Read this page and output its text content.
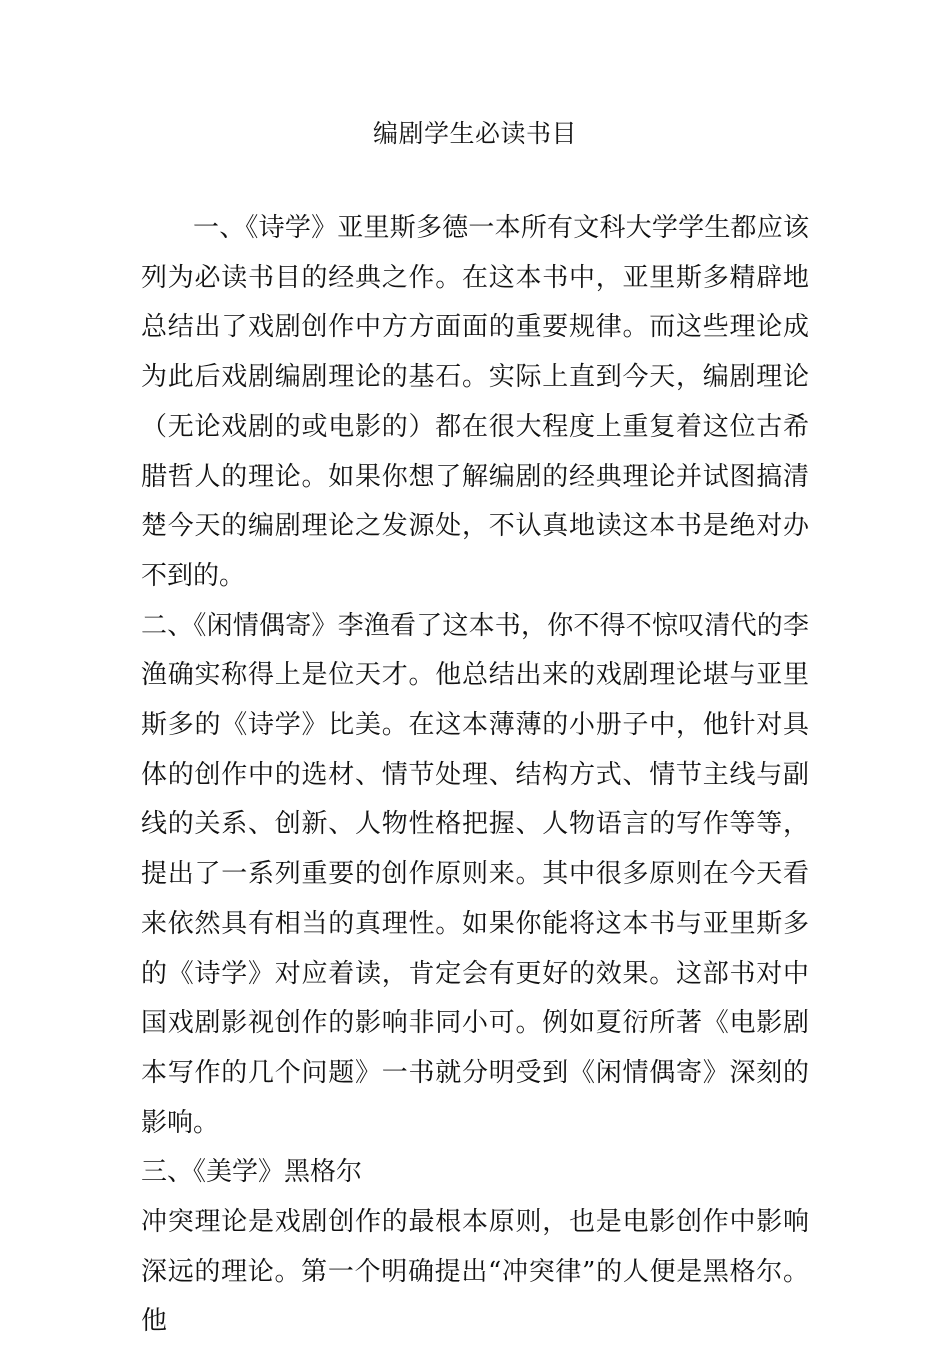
编剧学生必读书目

一、《诗学》亚里斯多德一本所有文科大学学生都应该列为必读书目的经典之作。在这本书中，亚里斯多精辟地总结出了戏剧创作中方方面面的重要规律。而这些理论成为此后戏剧编剧理论的基石。实际上直到今天，编剧理论（无论戏剧的或电影的）都在很大程度上重复着这位古希腊哲人的理论。如果你想了解编剧的经典理论并试图搞清楚今天的编剧理论之发源处，不认真地读这本书是绝对办不到的。

二、《闲情偶寄》李渔看了这本书，你不得不惊叹清代的李渔确实称得上是位天才。他总结出来的戏剧理论堪与亚里斯多的《诗学》比美。在这本薄薄的小册子中，他针对具体的创作中的选材、情节处理、结构方式、情节主线与副线的关系、创新、人物性格把握、人物语言的写作等等，提出了一系列重要的创作原则来。其中很多原则在今天看来依然具有相当的真理性。如果你能将这本书与亚里斯多的《诗学》对应着读，肯定会有更好的效果。这部书对中国戏剧影视创作的影响非同小可。例如夏衍所著《电影剧本写作的几个问题》一书就分明受到《闲情偶寄》深刻的影响。

三、《美学》黑格尔

冲突理论是戏剧创作的最根本原则，也是电影创作中影响深远的理论。第一个明确提出“冲突律”的人便是黑格尔。他
